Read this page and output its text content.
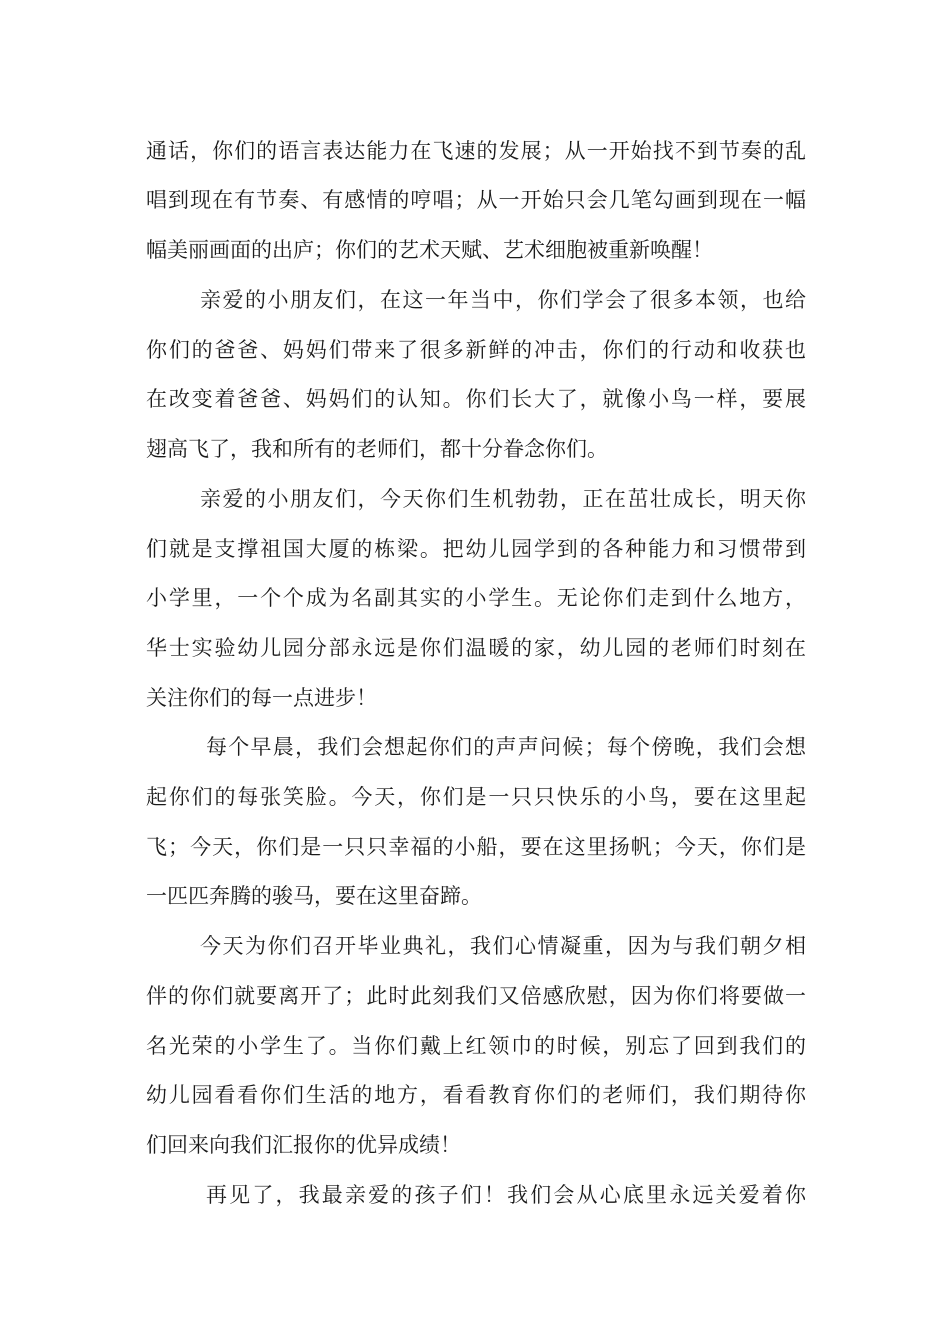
通话，你们的语言表达能力在飞速的发展；从一开始找不到节奏的乱
唱到现在有节奏、有感情的哼唱；从一开始只会几笔勾画到现在一幅
幅美丽画面的出庐；你们的艺术天赋、艺术细胞被重新唤醒！
亲爱的小朋友们，在这一年当中，你们学会了很多本领，也给
你们的爸爸、妈妈们带来了很多新鲜的冲击，你们的行动和收获也
在改变着爸爸、妈妈们的认知。你们长大了，就像小鸟一样，要展
翅高飞了，我和所有的老师们，都十分眷念你们。
亲爱的小朋友们，今天你们生机勃勃，正在茁壮成长，明天你
们就是支撑祖国大厦的栋梁。把幼儿园学到的各种能力和习惯带到
小学里，一个个成为名副其实的小学生。无论你们走到什么地方，
华士实验幼儿园分部永远是你们温暖的家，幼儿园的老师们时刻在
关注你们的每一点进步！
每个早晨，我们会想起你们的声声问候；每个傍晚，我们会想
起你们的每张笑脸。今天，你们是一只只快乐的小鸟，要在这里起
飞；今天，你们是一只只幸福的小船，要在这里扬帆；今天，你们是
一匹匹奔腾的骏马，要在这里奋蹄。
今天为你们召开毕业典礼，我们心情凝重，因为与我们朝夕相
伴的你们就要离开了；此时此刻我们又倍感欣慰，因为你们将要做一
名光荣的小学生了。当你们戴上红领巾的时候，别忘了回到我们的
幼儿园看看你们生活的地方，看看教育你们的老师们，我们期待你
们回来向我们汇报你的优异成绩！
再见了，我最亲爱的孩子们！我们会从心底里永远关爱着你
